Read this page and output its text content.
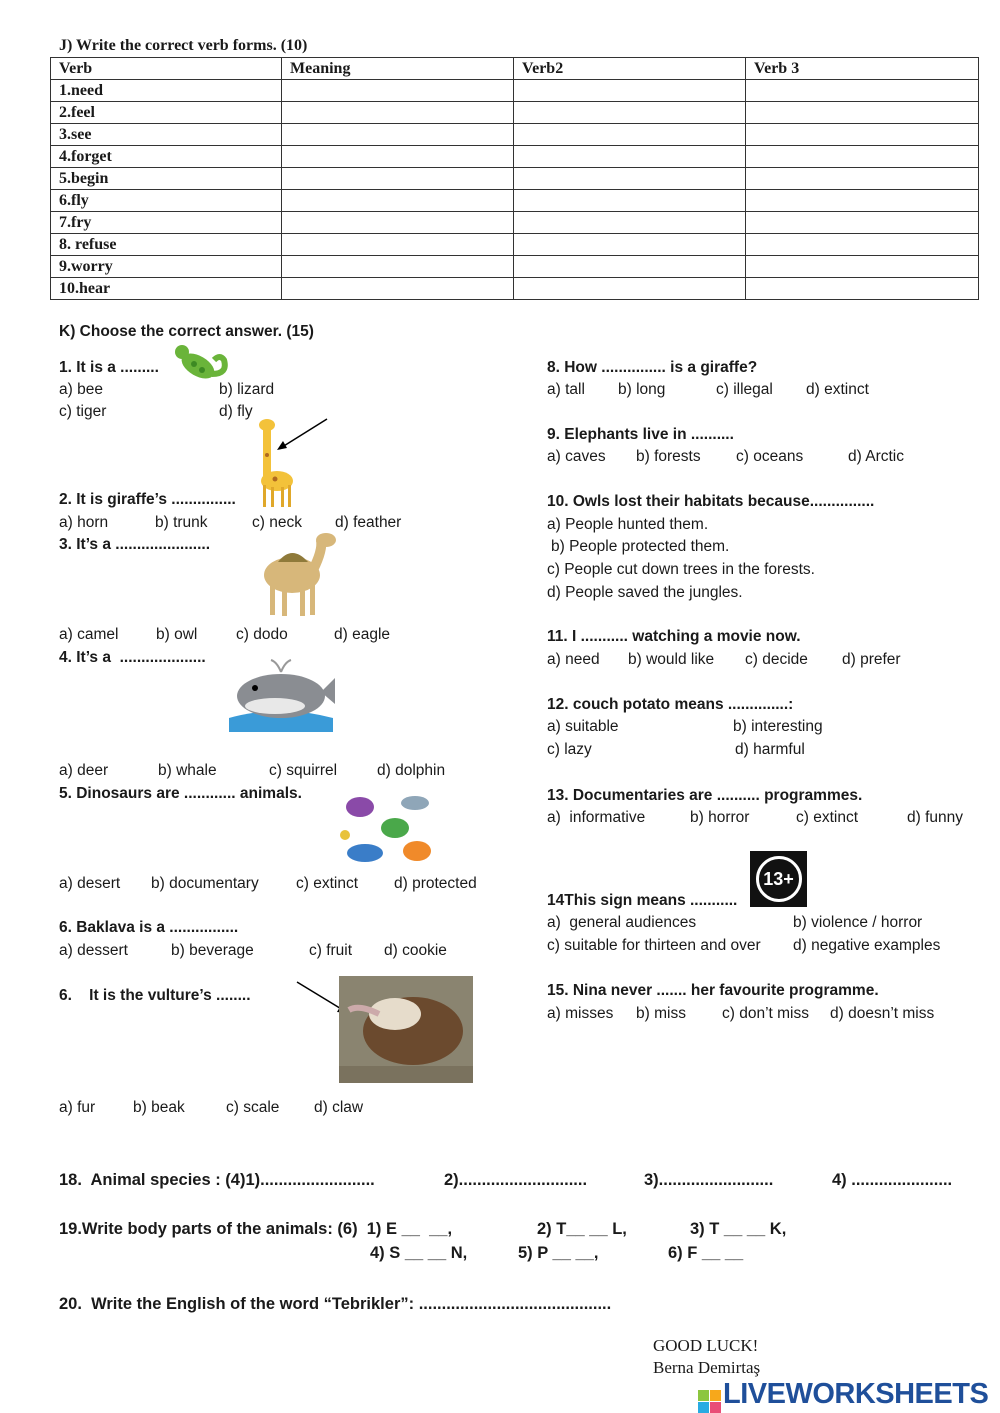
J) Write the correct verb forms. (10)
Verb	Meaning	Verb2	Verb 3
1.need			
2.feel			
3.see			
4.forget			
5.begin			
6.fly			
7.fry			
8. refuse			
9.worry			
10.hear			
K) Choose the correct answer. (15)
1. It is a .........
a) bee	b) lizard
c) tiger	d) fly
2. It is giraffe’s ...............
a) horn	b) trunk	c) neck d) feather
3. It’s a ......................
a) camel b) owl c) dodo	d) eagle
4. It’s a  ....................
a) deer	b) whale	c) squirrel	d) dolphin
5. Dinosaurs are ............ animals.
a) desert b) documentary c) extinct d) protected
6. Baklava is a ................
a) dessert	b) beverage	c) fruit d) cookie
6.    It is the vulture’s ........
a) fur b) beak	c) scale d) claw
8. How ............... is a giraffe?
a) tall b) long	c) illegal d) extinct
9. Elephants live in ..........
a) caves b) forests c) oceans	d) Arctic
10. Owls lost their habitats because...............
a) People hunted them.
b) People protected them.
c) People cut down trees in the forests.
d) People saved the jungles.
11. I ........... watching a movie now.
a) need b) would like c) decide d) prefer
12. couch potato means ..............:
a) suitable	b) interesting
c) lazy	d) harmful
13. Documentaries are .......... programmes.
a)  informative	b) horror	c) extinct	d) funny
14This sign means ...........
13+
a)  general audiences	b) violence / horror
c) suitable for thirteen and over d) negative examples
15. Nina never ....... her favourite programme.
a) misses b) miss c) don’t miss d) doesn’t miss
18.  Animal species : (4)1).........................	2)............................	3).........................	4) ......................
19.Write body parts of the animals: (6)  1) E __  __,	2) T__ __ L,	3) T __ __ K,
4) S __ __ N,	5) P __ __,	6) F __ __
20.  Write the English of the word “Tebrikler”: ..........................................
GOOD LUCK!
Berna Demirtaş
LIVEWORKSHEETS
